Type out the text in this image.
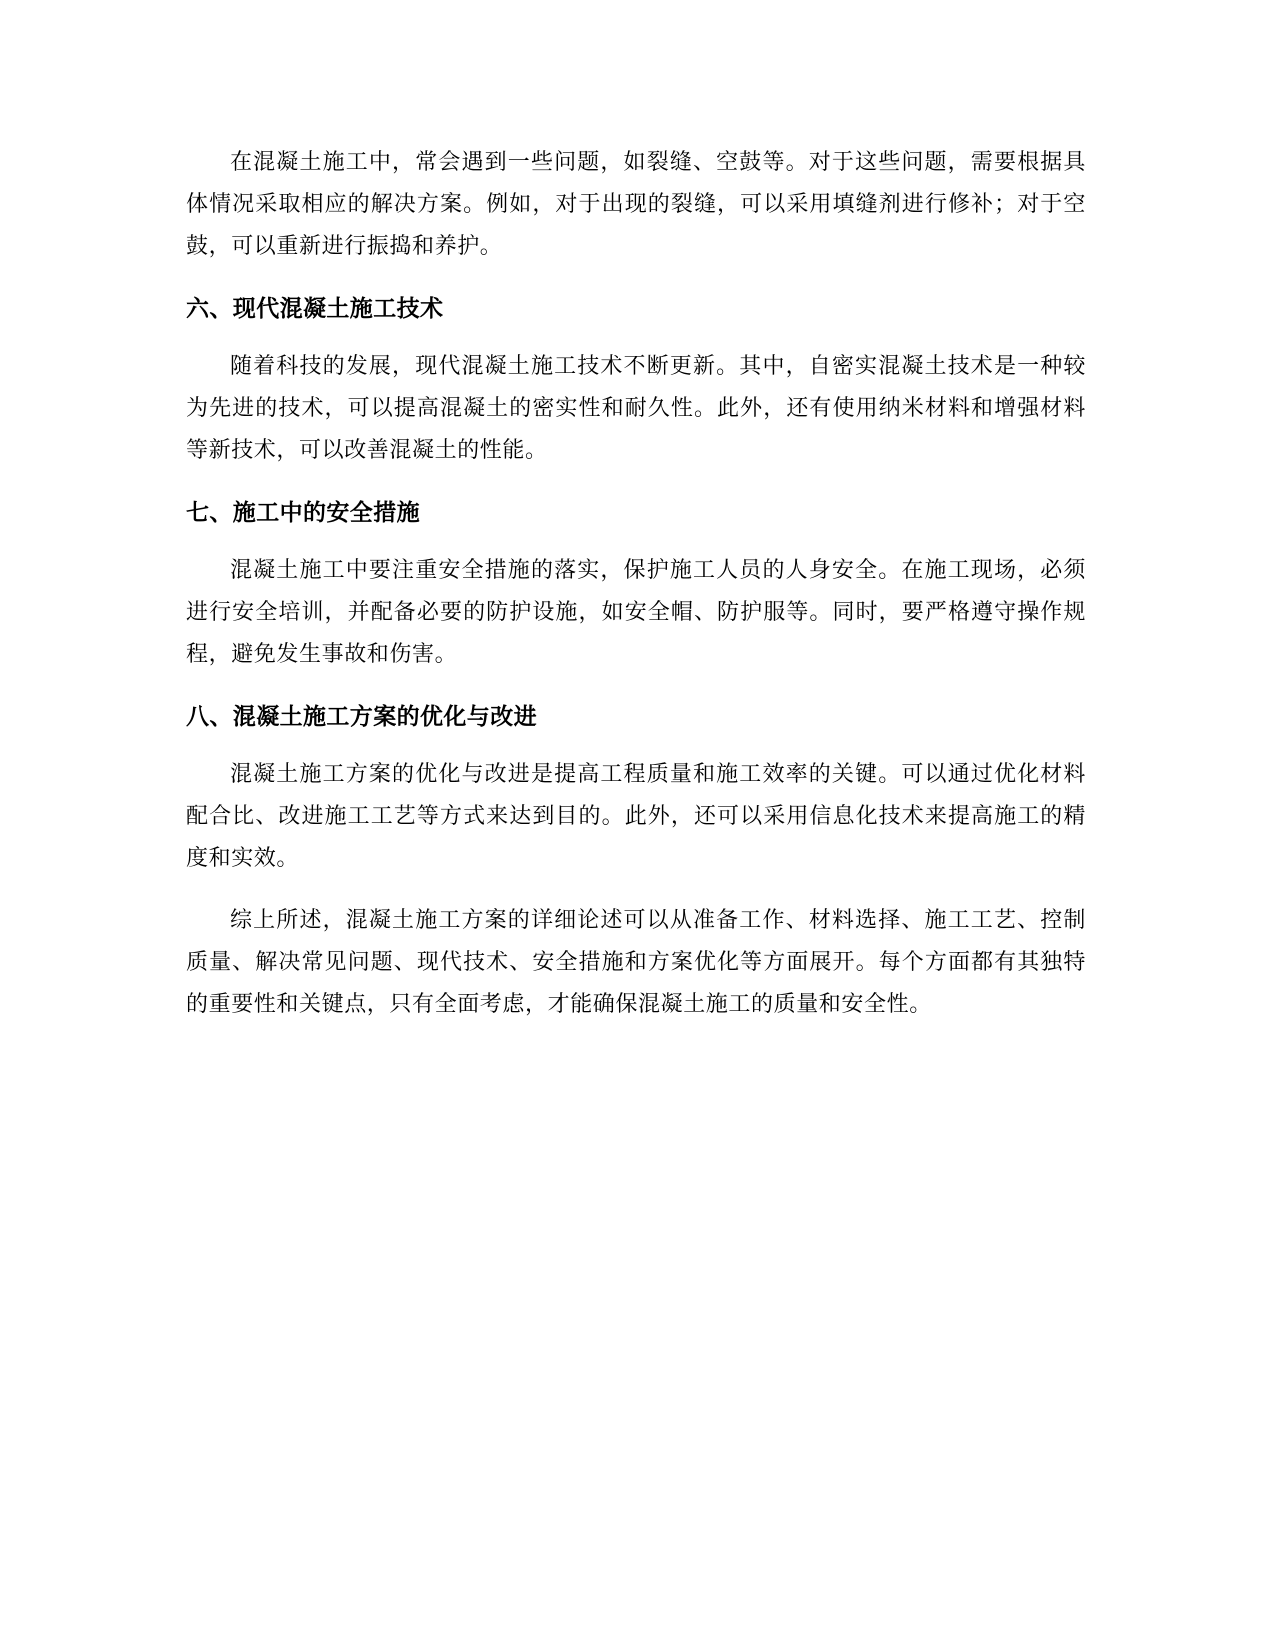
在混凝土施工中，常会遇到一些问题，如裂缝、空鼓等。对于这些问题，需要根据具体情况采取相应的解决方案。例如，对于出现的裂缝，可以采用填缝剂进行修补；对于空鼓，可以重新进行振捣和养护。

六、现代混凝土施工技术

随着科技的发展，现代混凝土施工技术不断更新。其中，自密实混凝土技术是一种较为先进的技术，可以提高混凝土的密实性和耐久性。此外，还有使用纳米材料和增强材料等新技术，可以改善混凝土的性能。

七、施工中的安全措施

混凝土施工中要注重安全措施的落实，保护施工人员的人身安全。在施工现场，必须进行安全培训，并配备必要的防护设施，如安全帽、防护服等。同时，要严格遵守操作规程，避免发生事故和伤害。

八、混凝土施工方案的优化与改进

混凝土施工方案的优化与改进是提高工程质量和施工效率的关键。可以通过优化材料配合比、改进施工工艺等方式来达到目的。此外，还可以采用信息化技术来提高施工的精度和实效。

综上所述，混凝土施工方案的详细论述可以从准备工作、材料选择、施工工艺、控制质量、解决常见问题、现代技术、安全措施和方案优化等方面展开。每个方面都有其独特的重要性和关键点，只有全面考虑，才能确保混凝土施工的质量和安全性。
